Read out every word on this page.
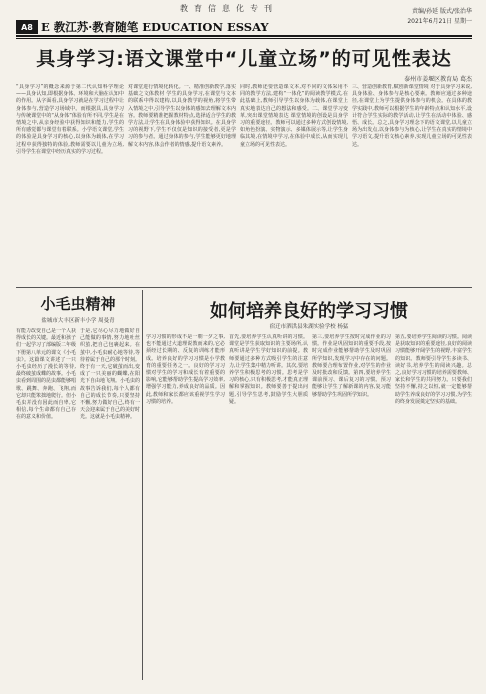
教育信息化专刊	责编/孙延 版式/张治华
2021年6月21日 星期一
A8 E 教江苏·教育随笔 EDUCATION ESSAY
具身学习:语文课堂中“儿童立场”的可见性表达
泰州市姜堰区教育局 葛杰
“具身学习”的概念来源于第二代认知科学理论——具身认知,即根据身体、环境和大脑在认知中的作用。从字面看,具身学习就是在学习过程中让身体参与,营造学习场域中。而根据具,具身学习与传统课堂中的“从身体”体验有所不同,学生是在情境之中,从亲身经验中获得知识和能力,学生的所有感觉都与课堂有着联系。小学语文课堂,学生的体验是具身学习的核心,以身体为载体,在学习过程中获得独特的体验,教师需要以儿童为立场,引导学生在课堂中经历真实的学习过程。
对课堂进行情境化转化。一、精准创新教学,落实基础之文体教材 学生的具身学习,在课堂与文本的联系中得以建构,以具身教学的视角,将学生带入情境之中,引导学生以身体的感知去理解文本内容。教师要精准把握教材特点,选择适合学生的教学方法,让学生在具身体验中获得知识。在具身学习的视野下,学生不仅仅是知识的接受者,更是学习的参与者。通过身体的参与,学生能够更好地理解文本内容,体会作者的情感,提升语文素养。
同时,教师还要营造课文本,对不同的文体采用不同的教学方法,建构“一体化”的阅读教学模式,在此基础上,教师引导学生以身体为载体,在课堂上真实地表达自己的想法和感受。二、课堂学习变革,突出课堂情境表达 课堂情境的创设是具身学习的重要途径。教师可以通过多种方式创设情境,如角色扮演、实物演示、多媒体展示等,让学生身临其境,在情境中学习,在体验中成长,从而实现儿童立场的可见性表达。
三、营造创新教育,赋创新课堂情境 对于具身学习来说,具身体验、身体参与是核心要素。教师应通过多种途径,在课堂上为学生提供身体参与的机会。在具体的教学实践中,教师可以根据学生的年龄特点和认知水平,设计符合学生实际的教学活动,让学生在活动中体验、感悟、成长。总之,具身学习理念下的语文课堂,以儿童立场为出发点,以身体参与为核心,让学生在真实的情境中学习语文,提升语文核心素养,实现儿童立场的可见性表达。
小毛虫精神
盐城市大丰区新丰小学 周曼青
有能力改变自己是一个人获得成长的关键。最近和孩子们一起学习了部编版二年级下册第八单元的课文《小毛虫》。这篇课文讲述了一只小毛虫经历了漫长的等待,最终破茧成蝶的故事。小毛虫看到周围的昆虫都能够唱歌、跳舞、奔跑、飞翔,而它却只能笨拙地爬行。但小毛虫并没有因此而自卑,它相信,每个生命都有自己存在的意义和价值。
于是,它尽心尽力地做好自己能做的事情,努力地吐丝织茧,把自己包裹起来。在茧中,小毛虫耐心地等待,等待着属于自己的那个时刻。终于有一天,它破茧而出,变成了一只美丽的蝴蝶,在阳光下自由地飞翔。小毛虫的故事告诉我们,每个人都有自己的成长节奏,只要坚持不懈,努力做好自己,终有一天会迎来属于自己的美好时光。这就是小毛虫精神。
如何培养良好的学习习惯
宿迁市泗洪县朱湖实验学校 杨猛
学习习惯的形成不是一朝一夕之事,也不能通过大道理说教而来的,它必须经过长期的、反复的训练才能形成。培养良好的学习习惯是小学教育的重要任务之一。良好的学习习惯对学生的学习和成长有着重要的影响,它能够帮助学生提高学习效率,增强学习能力,养成良好的品质。因此,教师和家长都应该重视学生学习习惯的培养。
首先,要培养学生认真听讲的习惯。课堂是学生获取知识的主要场所,认真听讲是学生学好知识的前提。教师要通过多种方式吸引学生的注意力,让学生集中精力听讲。其次,要培养学生积极思考的习惯。思考是学习的核心,只有积极思考,才能真正理解和掌握知识。教师要善于提出问题,引导学生思考,鼓励学生大胆质疑。
第三,要培养学生按时完成作业的习惯。作业是巩固知识的重要手段,按时完成作业能够帮助学生及时巩固所学知识,发现学习中存在的问题。教师要合理布置作业,对学生的作业及时批改和反馈。第四,要培养学生课前预习、课后复习的习惯。预习能够让学生了解新课的内容,复习能够帮助学生巩固所学知识。
第五,要培养学生阅读的习惯。阅读是获取知识的重要途径,良好的阅读习惯能够开阔学生的视野,丰富学生的知识。教师要引导学生多读书、读好书,培养学生的阅读兴趣。总之,良好学习习惯的培养需要教师、家长和学生的共同努力。只要我们坚持不懈,持之以恒,就一定能够帮助学生养成良好的学习习惯,为学生的终身发展奠定坚实的基础。
